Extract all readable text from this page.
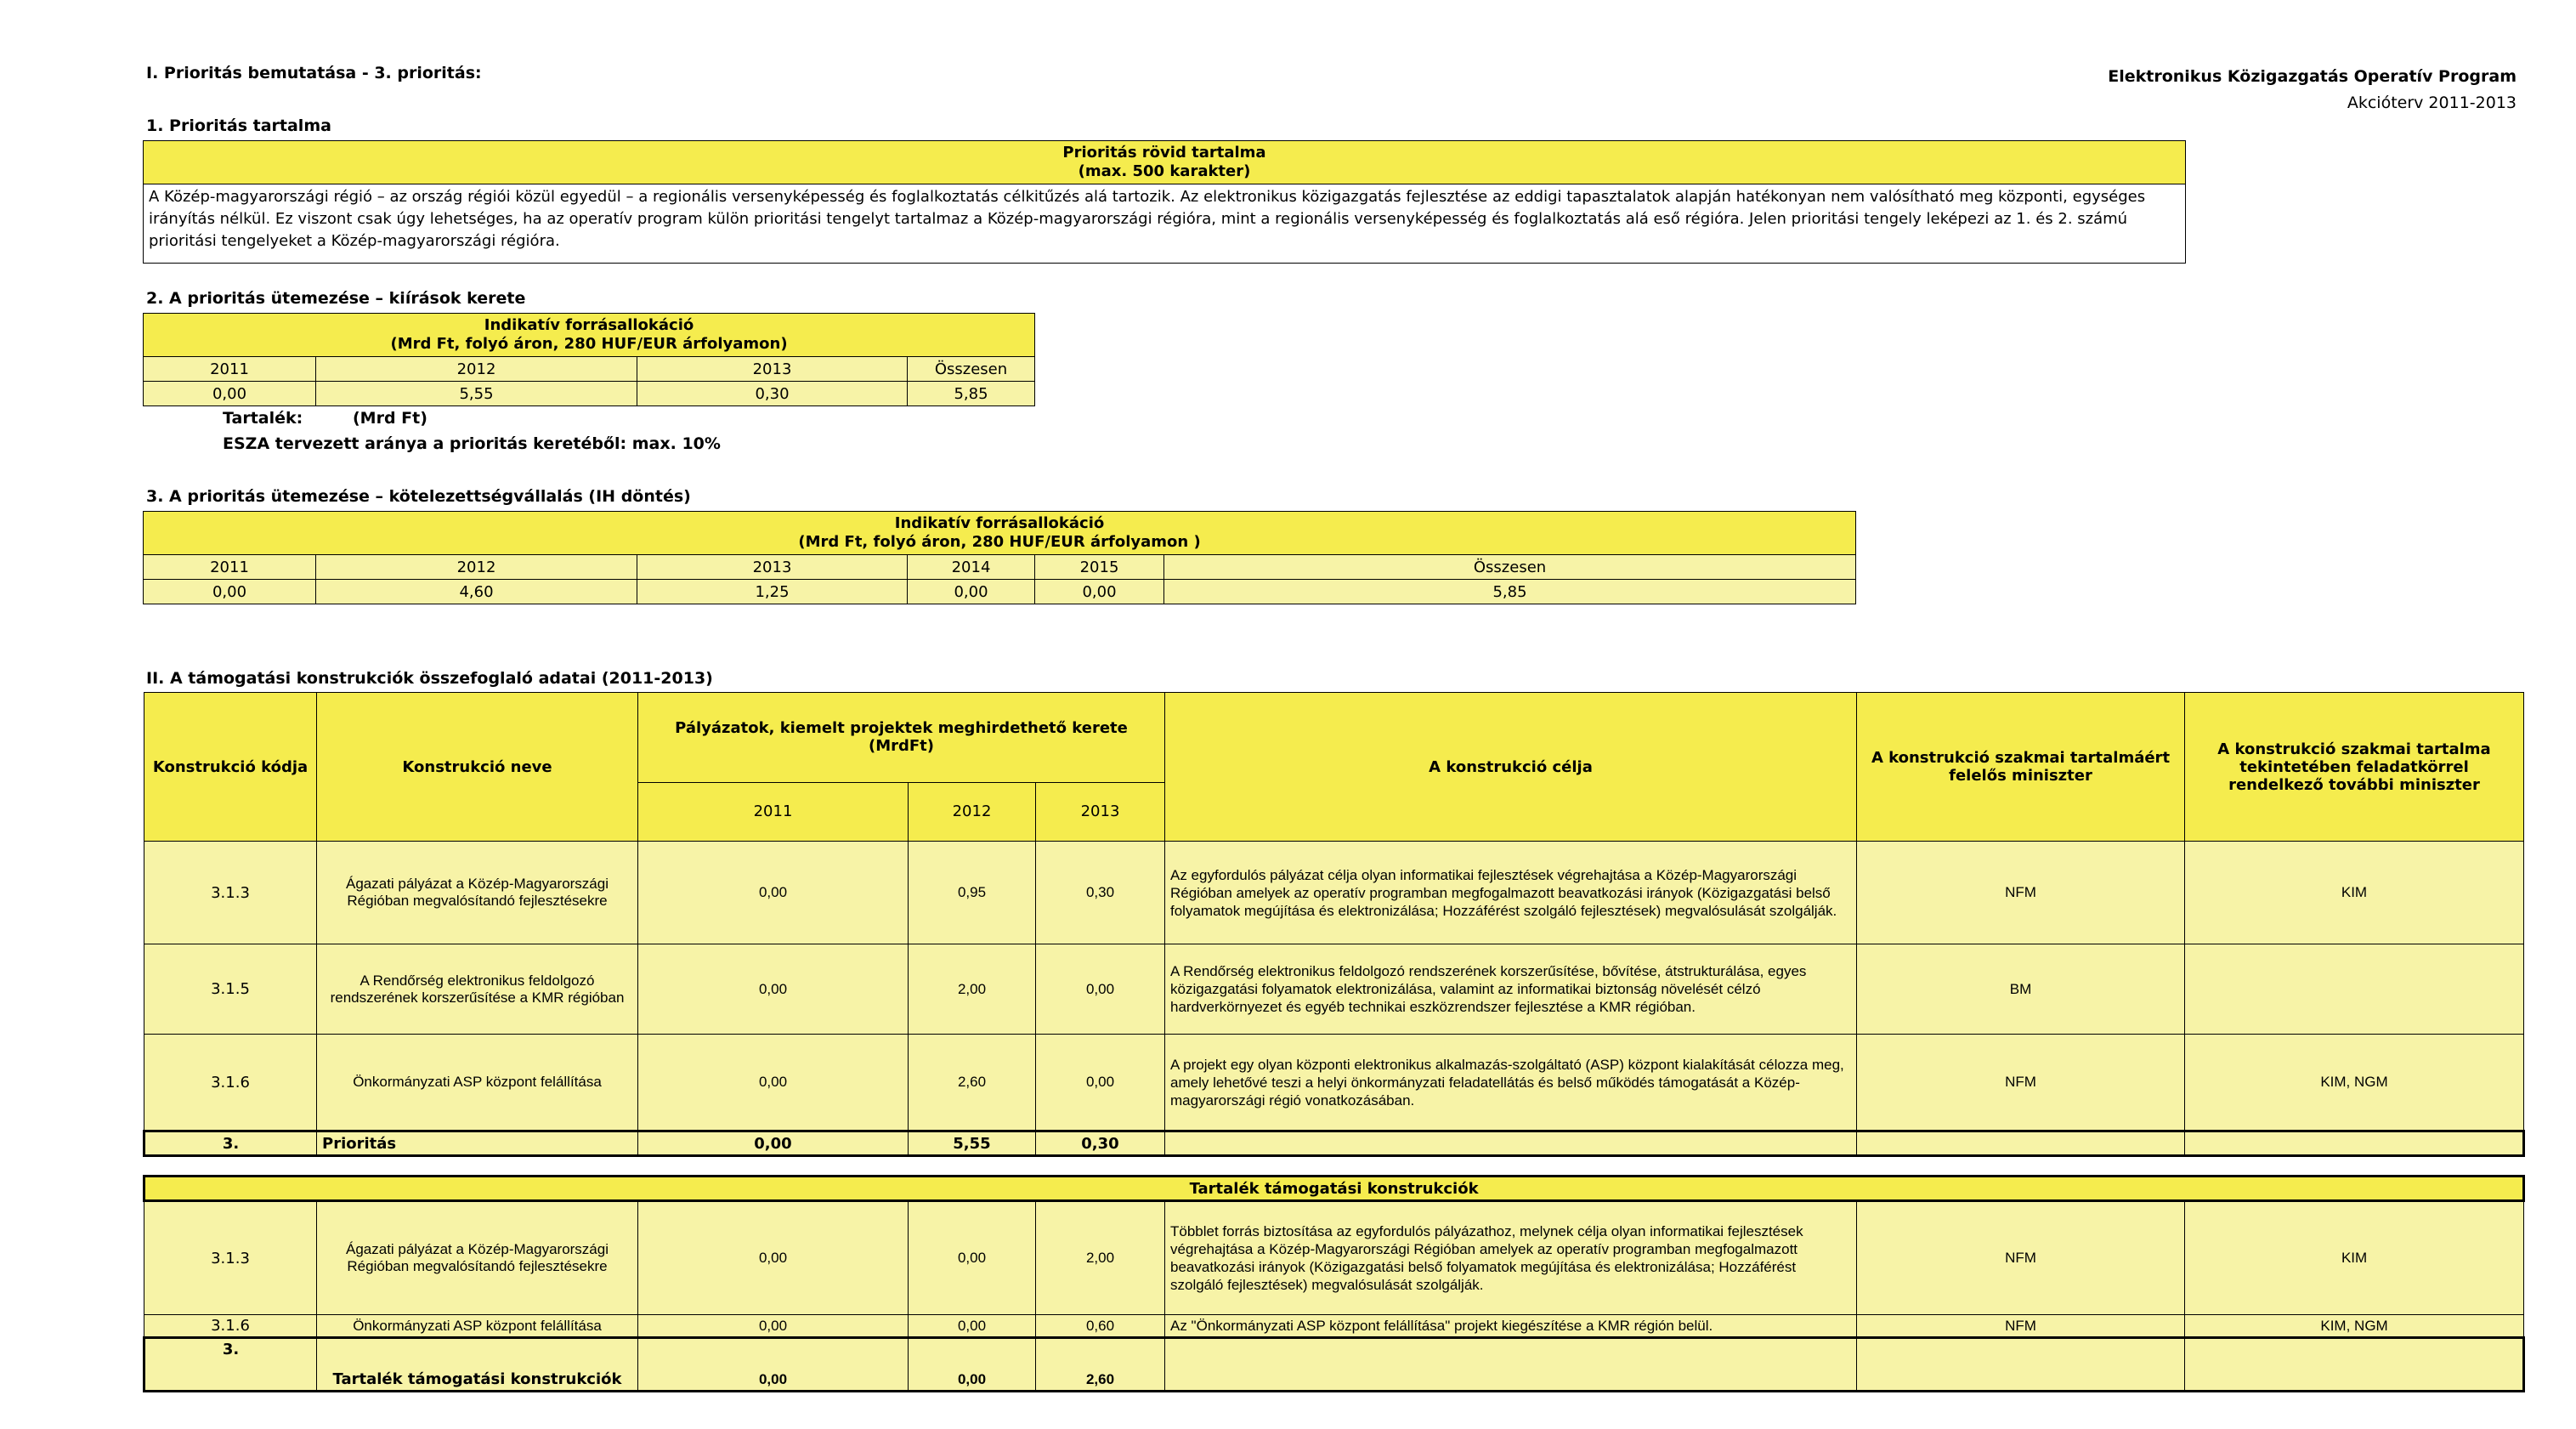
I. Prioritás bemutatása - 3. prioritás:	Elektronikus Közigazgatás Operatív Program
Akcióterv 2011-2013
1. Prioritás tartalma
Prioritás rövid tartalma
(max. 500 karakter)

A Közép-magyarországi régió – az ország régiói közül egyedül – a regionális versenyképesség és foglalkoztatás célkitűzés alá tartozik. Az elektronikus közigazgatás fejlesztése az eddigi tapasztalatok alapján hatékonyan nem valósítható meg központi, egységes irányítás nélkül. Ez viszont csak úgy lehetséges, ha az operatív program külön prioritási tengelyt tartalmaz a Közép-magyarországi régióra, mint a regionális versenyképesség és foglalkoztatás alá eső régióra. Jelen prioritási tengely leképezi az 1. és 2. számú prioritási tengelyeket a Közép-magyarországi régióra.
2. A prioritás ütemezése – kiírások kerete
Indikatív forrásallokáció
(Mrd Ft, folyó áron, 280 HUF/EUR árfolyamon)			

2011	2012	2013	Összesen
0,00	5,55	0,30	5,85
Tartalék:	(Mrd Ft)
ESZA tervezett aránya a prioritás keretéből: max. 10%
3. A prioritás ütemezése – kötelezettségvállalás (IH döntés)
Indikatív forrásallokáció
(Mrd Ft, folyó áron, 280 HUF/EUR árfolyamon )					

2011	2012	2013	2014	2015	Összesen
0,00	4,60	1,25	0,00	0,00	5,85
II. A támogatási konstrukciók összefoglaló adatai (2011-2013)
Konstrukció kódja	Konstrukció neve	Pályázatok, kiemelt projektek meghirdethető kerete (MrdFt)			A konstrukció célja	A konstrukció szakmai tartalmáért felelős miniszter	A konstrukció szakmai tartalma tekintetében feladatkörrel rendelkező további miniszter
		2011	2012	2013			
3.1.3	Ágazati pályázat a Közép-Magyarországi Régióban megvalósítandó fejlesztésekre	0,00	0,95	0,30	Az egyfordulós pályázat célja olyan informatikai fejlesztések végrehajtása a Közép-Magyarországi Régióban amelyek az operatív programban megfogalmazott beavatkozási irányok (Közigazgatási belső folyamatok megújítása és elektronizálása; Hozzáférést szolgáló fejlesztések) megvalósulását szolgálják.	NFM	KIM
3.1.5	A Rendőrség elektronikus feldolgozó rendszerének korszerűsítése a KMR régióban	0,00	2,00	0,00	A Rendőrség elektronikus feldolgozó rendszerének korszerűsítése, bővítése, átstrukturálása, egyes közigazgatási folyamatok elektronizálása, valamint az informatikai biztonság növelését célzó hardverkörnyezet és egyéb technikai eszközrendszer fejlesztése a KMR régióban.	BM	
3.1.6	Önkormányzati ASP központ felállítása	0,00	2,60	0,00	A projekt egy olyan központi elektronikus alkalmazás-szolgáltató (ASP) központ kialakítását célozza meg, amely lehetővé teszi a helyi önkormányzati feladatellátás és belső működés támogatását a Közép-magyarországi régió vonatkozásában.	NFM	KIM, NGM
3.	Prioritás	0,00	5,55	0,30			
Tartalék támogatási konstrukciók							
3.1.3	Ágazati pályázat a Közép-Magyarországi Régióban megvalósítandó fejlesztésekre	0,00	0,00	2,00	Többlet forrás biztosítása az egyfordulós pályázathoz, melynek célja olyan informatikai fejlesztések végrehajtása a Közép-Magyarországi Régióban amelyek az operatív programban megfogalmazott beavatkozási irányok (Közigazgatási belső folyamatok megújítása és elektronizálása; Hozzáférést szolgáló fejlesztések) megvalósulását szolgálják.	NFM	KIM
3.1.6	Önkormányzati ASP központ felállítása	0,00	0,00	0,60	Az "Önkormányzati ASP központ felállítása" projekt kiegészítése a KMR régión belül.	NFM	KIM, NGM
3.	Tartalék támogatási konstrukciók	0,00	0,00	2,60			
